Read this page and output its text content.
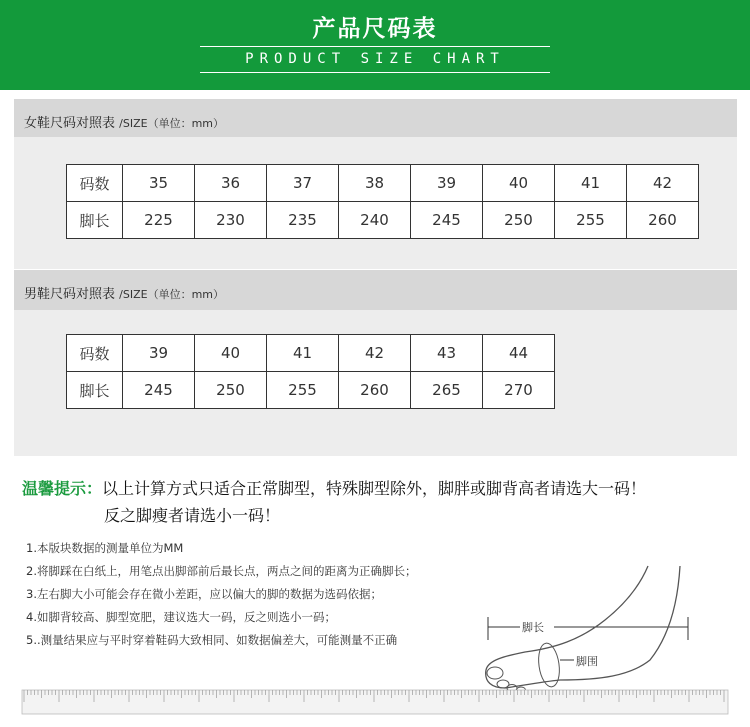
产品尺码表
PRODUCT SIZE CHART
女鞋尺码对照表 /SIZE（单位：mm）
码数	35	36	37	38	39	40	41	42
脚长	225	230	235	240	245	250	255	260
男鞋尺码对照表 /SIZE（单位：mm）
码数	39	40	41	42	43	44
脚长	245	250	255	260	265	270
温馨提示：以上计算方式只适合正常脚型，特殊脚型除外，脚胖或脚背高者请选大一码！
反之脚瘦者请选小一码！
1.本版块数据的测量单位为MM
2.将脚踩在白纸上，用笔点出脚部前后最长点，两点之间的距离为正确脚长；
3.左右脚大小可能会存在微小差距，应以偏大的脚的数据为选码依据；
4.如脚背较高、脚型宽肥，建议选大一码，反之则选小一码；
5..测量结果应与平时穿着鞋码大致相同、如数据偏差大，可能测量不正确
脚长
脚围
